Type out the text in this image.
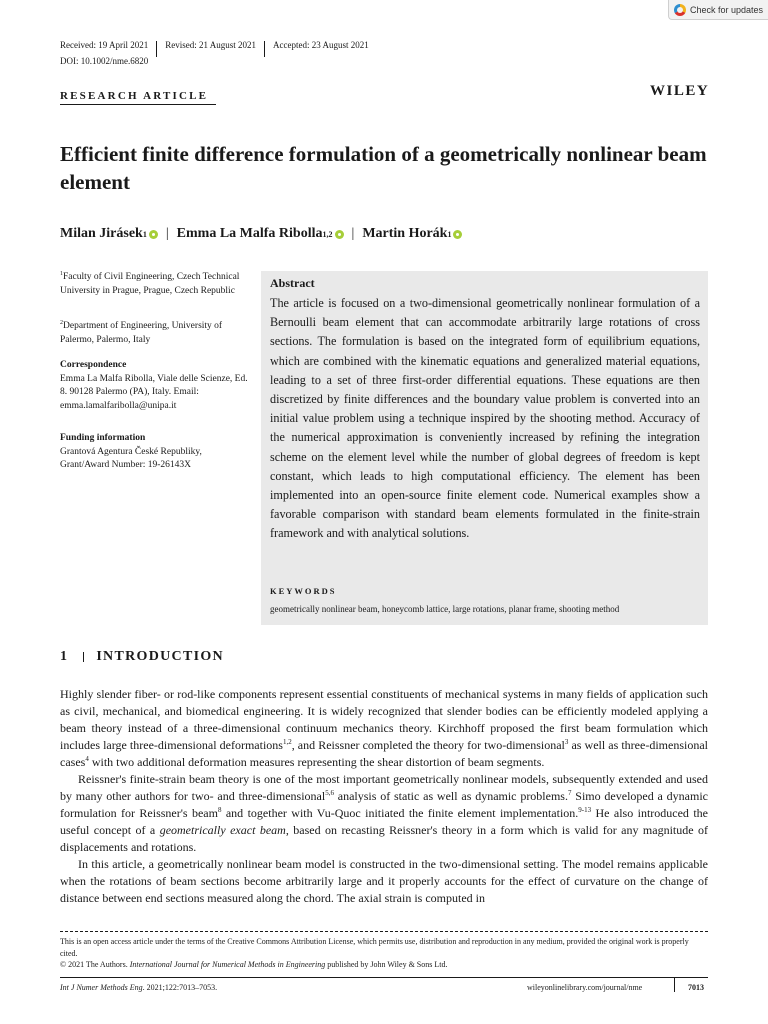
Check for updates
Received: 19 April 2021 Revised: 21 August 2021 Accepted: 23 August 2021
DOI: 10.1002/nme.6820
RESEARCH ARTICLE	WILEY
Efficient finite difference formulation of a geometrically nonlinear beam element
Milan Jirásek 1 | Emma La Malfa Ribolla 1,2 | Martin Horák 1
$^1$Faculty of Civil Engineering, Czech Technical University in Prague, Prague, Czech Republic
$^2$Department of Engineering, University of Palermo, Palermo, Italy
Correspondence
Emma La Malfa Ribolla, Viale delle Scienze, Ed. 8. 90128 Palermo (PA), Italy. Email: emma.lamalfaribolla@unipa.it
Funding information
Grantová Agentura České Republiky, Grant/Award Number: 19-26143X
Abstract
The article is focused on a two-dimensional geometrically nonlinear formulation of a Bernoulli beam element that can accommodate arbitrarily large rotations of cross sections. The formulation is based on the integrated form of equilibrium equations, which are combined with the kinematic equations and generalized material equations, leading to a set of three first-order differential equations. These equations are then discretized by finite differences and the boundary value problem is converted into an initial value problem using a technique inspired by the shooting method. Accuracy of the numerical approximation is conveniently increased by refining the integration scheme on the element level while the number of global degrees of freedom is kept constant, which leads to high computational efficiency. The element has been implemented into an open-source finite element code. Numerical examples show a favorable comparison with standard beam elements formulated in the finite-strain framework and with analytical solutions.
KEYWORDS
geometrically nonlinear beam, honeycomb lattice, large rotations, planar frame, shooting method
1 INTRODUCTION

Highly slender fiber- or rod-like components represent essential constituents of mechanical systems in many fields of application such as civil, mechanical, and biomedical engineering. It is widely recognized that slender bodies can be efficiently modeled applying a beam theory instead of a three-dimensional continuum mechanics theory. Kirchhoff proposed the first beam formulation which includes large three-dimensional deformations$^{1,2}$, and Reissner completed the theory for two-dimensional$^3$ as well as three-dimensional cases$^4$ with two additional deformation measures representing the shear distortion of beam segments.

Reissner's finite-strain beam theory is one of the most important geometrically nonlinear models, subsequently extended and used by many other authors for two- and three-dimensional$^{5,6}$ analysis of static as well as dynamic problems.$^7$ Simo developed a dynamic formulation for Reissner's beam$^8$ and together with Vu-Quoc initiated the finite element implementation.$^{9-13}$ He also introduced the useful concept of a geometrically exact beam, based on recasting Reissner's theory in a form which is valid for any magnitude of displacements and rotations.

In this article, a geometrically nonlinear beam model is constructed in the two-dimensional setting. The model remains applicable when the rotations of beam sections become arbitrarily large and it properly accounts for the effect of curvature on the change of distance between end sections measured along the chord. The axial strain is computed in

This is an open access article under the terms of the Creative Commons Attribution License, which permits use, distribution and reproduction in any medium, provided the original work is properly cited.
© 2021 The Authors. International Journal for Numerical Methods in Engineering published by John Wiley & Sons Ltd.
Int J Numer Methods Eng. 2021;122:7013–7053.	wileyonlinelibrary.com/journal/nme	7013
